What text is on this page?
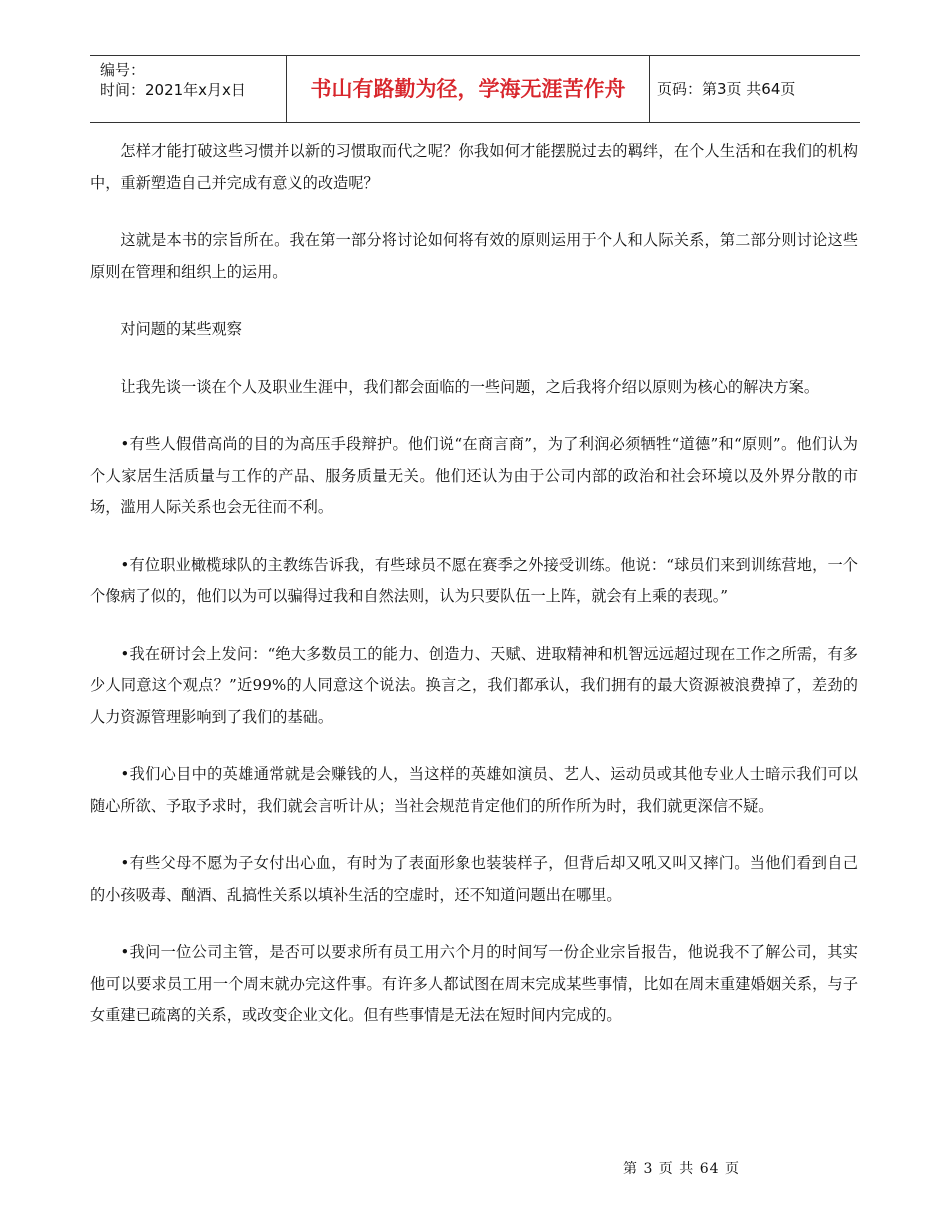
编号：
时间：2021年x月x日	书山有路勤为径，学海无涯苦作舟	页码：第3页 共64页

怎样才能打破这些习惯并以新的习惯取而代之呢？你我如何才能摆脱过去的羁绊，在个人生活和在我们的机构中，重新塑造自己并完成有意义的改造呢？

这就是本书的宗旨所在。我在第一部分将讨论如何将有效的原则运用于个人和人际关系，第二部分则讨论这些原则在管理和组织上的运用。

对问题的某些观察

让我先谈一谈在个人及职业生涯中，我们都会面临的一些问题，之后我将介绍以原则为核心的解决方案。

•有些人假借高尚的目的为高压手段辩护。他们说“在商言商”，为了利润必须牺牲“道德”和“原则”。他们认为个人家居生活质量与工作的产品、服务质量无关。他们还认为由于公司内部的政治和社会环境以及外界分散的市场，滥用人际关系也会无往而不利。

•有位职业橄榄球队的主教练告诉我，有些球员不愿在赛季之外接受训练。他说：“球员们来到训练营地，一个个像病了似的，他们以为可以骗得过我和自然法则，认为只要队伍一上阵，就会有上乘的表现。”

•我在研讨会上发问：“绝大多数员工的能力、创造力、天赋、进取精神和机智远远超过现在工作之所需，有多少人同意这个观点？”近99%的人同意这个说法。换言之，我们都承认，我们拥有的最大资源被浪费掉了，差劲的人力资源管理影响到了我们的基础。

•我们心目中的英雄通常就是会赚钱的人，当这样的英雄如演员、艺人、运动员或其他专业人士暗示我们可以随心所欲、予取予求时，我们就会言听计从；当社会规范肯定他们的所作所为时，我们就更深信不疑。

•有些父母不愿为子女付出心血，有时为了表面形象也装装样子，但背后却又吼又叫又摔门。当他们看到自己的小孩吸毒、酗酒、乱搞性关系以填补生活的空虚时，还不知道问题出在哪里。

•我问一位公司主管，是否可以要求所有员工用六个月的时间写一份企业宗旨报告，他说我不了解公司，其实他可以要求员工用一个周末就办完这件事。有许多人都试图在周末完成某些事情，比如在周末重建婚姻关系，与子女重建已疏离的关系，或改变企业文化。但有些事情是无法在短时间内完成的。

第 3 页 共 64 页
